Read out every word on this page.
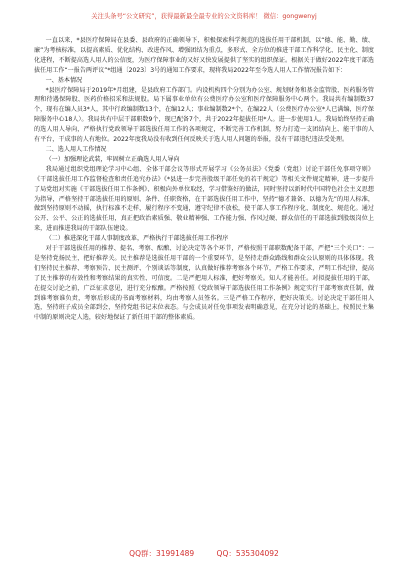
关注头条号“公文研究”，获得最新最全最专业的公文资料库！ 微信：gongwenyj

一直以来，*县医疗保障局在县委、县政府的正确领导下，积极探索科学规范的选拔任用干部机制，以“德、能、勤、绩、廉”为考核标准，以提高素质、优化结构、改进作风、增强团结为重点，多形式、全方位的推进干部工作科学化、民主化、制度化进程，不断提高选人用人的公信度，为医疗保障事业的又好又快发展提供了坚实的组织保证。根据关于做好2022年度干部选拔任用工作“一报告两评议”*组通〔2023〕3号的通知工作要求，现将我局2022年至今选人用人工作情况报告如下：

一、基本情况

*县医疗保障局于2019年*月组建，是县政府工作部门。内设机构四个分别为办公室、规划财务和基金监管股、医药服务管理和待遇保障股、医药价格招采和法规股。局下属事业单位有公费医疗办公室和医疗保障服务中心两个。我局共有编制数37个，现有在编人员3*人，其中行政编制数13个，在编12人；事业编制数2*个，在编22人（公费医疗办公室*人已满编，医疗保障服务中心18人）。我局共有中层干部职数9个，现已配备7个，共于2022年提拔任用*人。进一步使用1人。我局始终坚持正确的选人用人导向，严格执行党政领导干部选拔任用工作的各项规定，不断完善工作机制，努力打造一支团结向上、能干事的人有平台，干成事的人有地位。2022年度我局没有收到任何反映关于选人用人问题的举报，没有干部违纪违法受处理。

二、选人用人工作情况

（一）加强理论武装，牢固树立正确选人用人导向

我局通过组织党组理论学习中心组、全体干部会议等形式开展学习《公务员法》《党委（党组）讨论干部任免事项守则》《干部选拔任用工作监督检查和责任追究办法》《*县进一步完善股级干部任免的若干规定》等相关文件规定精神，进一步提升了局党组对实施《干部选拔任用工作条例》、积极向外单位取经，学习借鉴好的做法，同时坚持以新时代中国特色社会主义思想为指导，严格坚持干部选拔任用的原则、条件、任职资格，在干部选拔任用工作中，坚持“德才兼备、以德为先”的用人标准，做到坚持原则不动摇，执行标准不走样，履行程序不变通，遵守纪律不放松，使干部人事工作程序化、制度化、规范化。通过公开、公平、公正的选拔任用，真正把政治素质强、敬业精神强、工作能力强、作风过硬、群众信任的干部选拔到股级岗位上来，进而推进我局的干部队伍建设。

（二）推进深化干部人事制度改革，严格执行干部选拔任用工作程序

对于干部选拔任用的推荐、提名、考察、酝酿、讨论决定等各个环节，严格按照干部职数配备干部，严把“三个关口”：一是坚持党扬民主，把好推荐关。民主推荐是选拔任用干部的一个重要环节，是坚持走群众路线和群众公认原则的具体体现。我们坚持民主推荐、考察预告、民主测评、个别谈话等制度，认真做好推荐考察各个环节，严格工作要求，严明工作纪律，提高了民主推荐的有效性和考察结果的真实性、可信度。二是严把用人标准，把好考察关。知人才能善任。对拟提拔任用的干部，在提交讨论之前，广泛征求意见，进行充分酝酿。严格按照《党政领导干部选拔任用工作条例》规定实行干部考察责任制，做到谁考察谁负责，考察后形成的书面考察材料，均由考察人员签名。三是严格工作程序，把好决策关。讨论决定干部任用人选，坚持班子成员全部到会，坚持党组书记末位表态。与会成员对任免事项发表明确意见，在充分讨论的基础上，按照民主集中制的原则决定人选，较好地保证了新任用干部的整体素质。

QQ群：31991489	QQ：535304092
